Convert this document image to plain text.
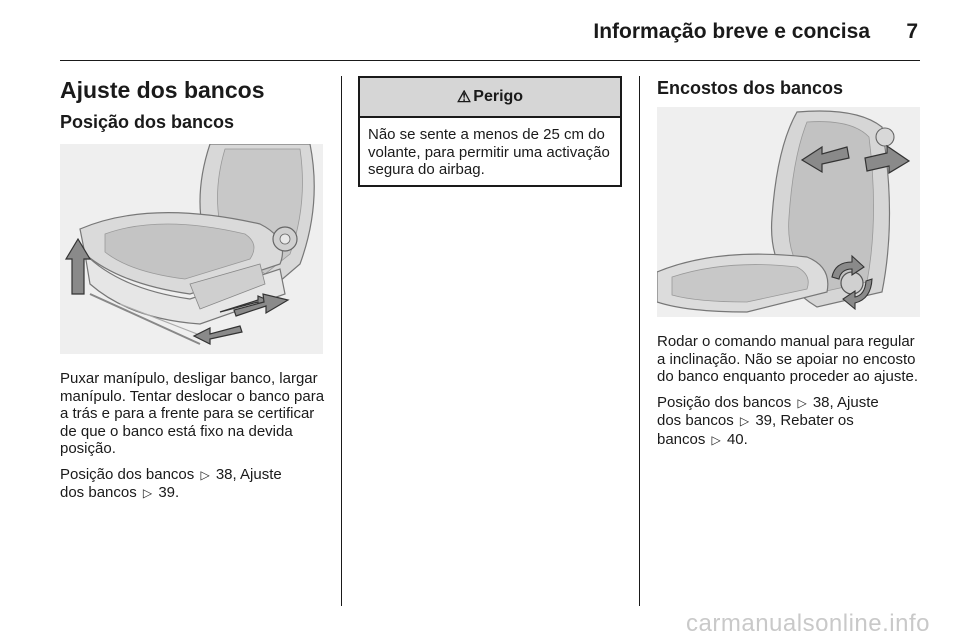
Informação breve e concisa 7
Ajuste dos bancos
Posição dos bancos

Puxar manípulo, desligar banco, largar manípulo. Tentar deslocar o banco para a trás e para a frente para se certificar de que o banco está fixo na devida posição.

Posição dos bancos ▷ 38, Ajuste
dos bancos ▷ 39.

⚠ Perigo
Não se sente a menos de 25 cm do volante, para permitir uma activação segura do airbag.
Encostos dos bancos

Rodar o comando manual para regular a inclinação. Não se apoiar no encosto do banco enquanto proceder ao ajuste.

Posição dos bancos ▷ 38, Ajuste
dos bancos ▷ 39, Rebater os
bancos ▷ 40.

carmanualsonline.info
